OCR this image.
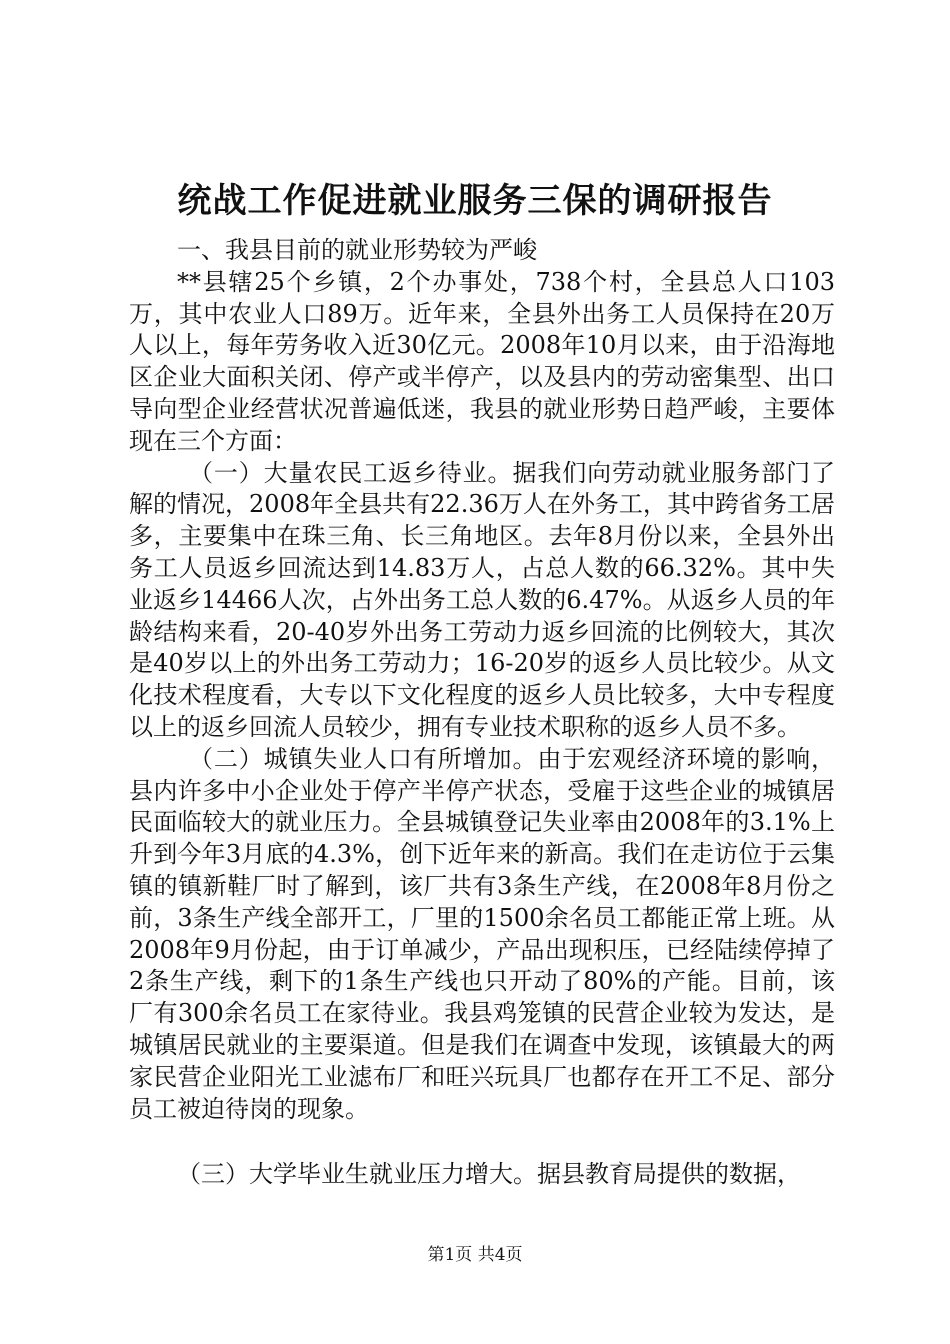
统战工作促进就业服务三保的调研报告

一、我县目前的就业形势较为严峻

**县辖25个乡镇，2个办事处，738个村，全县总人口103万，其中农业人口89万。近年来，全县外出务工人员保持在20万人以上，每年劳务收入近30亿元。2008年10月以来，由于沿海地区企业大面积关闭、停产或半停产，以及县内的劳动密集型、出口导向型企业经营状况普遍低迷，我县的就业形势日趋严峻，主要体现在三个方面：

（一）大量农民工返乡待业。据我们向劳动就业服务部门了解的情况，2008年全县共有22.36万人在外务工，其中跨省务工居多，主要集中在珠三角、长三角地区。去年8月份以来，全县外出务工人员返乡回流达到14.83万人，占总人数的66.32%。其中失业返乡14466人次，占外出务工总人数的6.47%。从返乡人员的年龄结构来看，20-40岁外出务工劳动力返乡回流的比例较大，其次是40岁以上的外出务工劳动力；16-20岁的返乡人员比较少。从文化技术程度看，大专以下文化程度的返乡人员比较多，大中专程度以上的返乡回流人员较少，拥有专业技术职称的返乡人员不多。

（二）城镇失业人口有所增加。由于宏观经济环境的影响，县内许多中小企业处于停产半停产状态，受雇于这些企业的城镇居民面临较大的就业压力。全县城镇登记失业率由2008年的3.1%上升到今年3月底的4.3%，创下近年来的新高。我们在走访位于云集镇的镇新鞋厂时了解到，该厂共有3条生产线，在2008年8月份之前，3条生产线全部开工，厂里的1500余名员工都能正常上班。从2008年9月份起，由于订单减少，产品出现积压，已经陆续停掉了2条生产线，剩下的1条生产线也只开动了80%的产能。目前，该厂有300余名员工在家待业。我县鸡笼镇的民营企业较为发达，是城镇居民就业的主要渠道。但是我们在调查中发现，该镇最大的两家民营企业阳光工业滤布厂和旺兴玩具厂也都存在开工不足、部分员工被迫待岗的现象。

（三）大学毕业生就业压力增大。据县教育局提供的数据，

第1页 共4页
